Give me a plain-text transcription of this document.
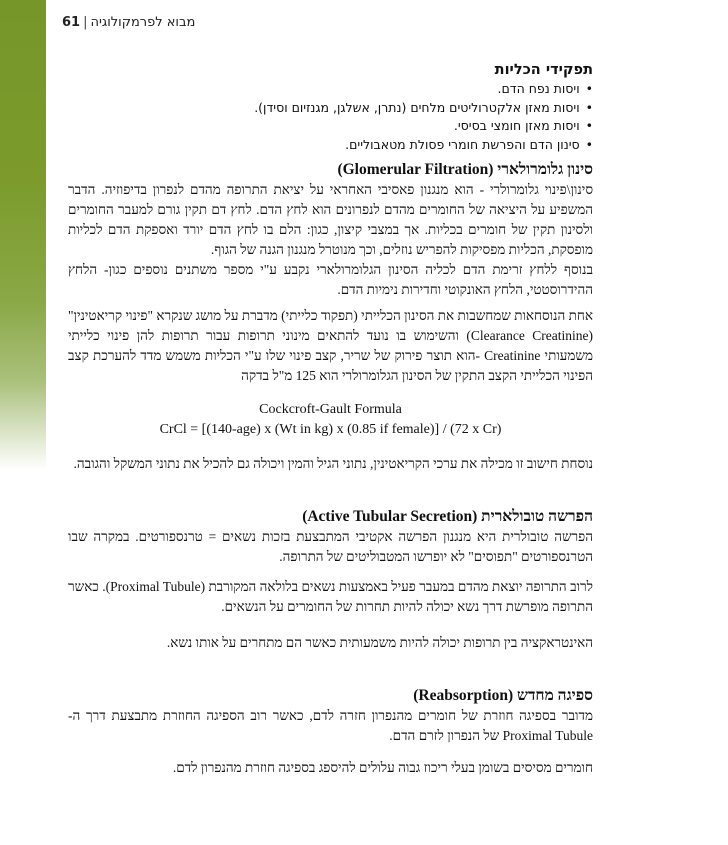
61 | מבוא לפרמקולוגיה
תפקידי הכליות
• ויסות נפח הדם.
• ויסות מאזן אלקטרוליטים מלחים (נתרן, אשלגן, מגנזיום וסידן).
• ויסות מאזן חומצי בסיסי.
• סינון הדם והפרשת חומרי פסולת מטאבוליים.
סינון גלומרולארי (Glomerular Filtration)

סינון\פינוי גלומרולרי - הוא מנגנון פאסיבי האחראי על יציאת התרופה מהדם לנפרון בדיפוזיה. הדבר המשפיע על היציאה של החומרים מהדם לנפרונים הוא לחץ הדם. לחץ דם תקין גורם למעבר החומרים ולסינון תקין של חומרים בכליות. אך במצבי קיצון, כגון: הלם בו לחץ הדם יורד ואספקת הדם לכליות מופסקת, הכליות מפסיקות להפריש נוזלים, וכך מנוטרל מנגנון הגנה של הגוף.

בנוסף ללחץ זרימת הדם לכליה הסינון הגלומרולארי נקבע ע"י מספר משתנים נוספים כגון- הלחץ ההידרוסטטי, הלחץ האונקוטי וחדירות נימיות הדם.

אחת הנוסחאות שמחשבות את הסינון הכלייתי (תפקוד כלייתי) מדברת על מושג שנקרא "פינוי קריאטינין" (Clearance Creatinine) והשימוש בו נועד להתאים מינוני תרופות עבור תרופות להן פינוי כלייתי משמעותי Creatinine -הוא תוצר פירוק של שריר, קצב פינוי שלו ע"י הכליות משמש מדד להערכת קצב הפינוי הכלייתי הקצב התקין של הסינון הגלומרולרי הוא 125 מ"ל בדקה

Cockcroft-Gault Formula
CrCl = [(140-age) x (Wt in kg) x (0.85 if female)] / (72 x Cr)

נוסחת חישוב זו מכילה את ערכי הקריאטינין, נתוני הגיל והמין ויכולה גם להכיל את נתוני המשקל והגובה.

הפרשה טובולארית (Active Tubular Secretion)

הפרשה טובולרית היא מנגנון הפרשה אקטיבי המתבצעת בזכות נשאים = טרנספורטים. במקרה שבו הטרנספורטים "תפוסים" לא יופרשו המטבוליטים של התרופה.

לרוב התרופה יוצאת מהדם במעבר פעיל באמצעות נשאים בלולאה המקורבת (Proximal Tubule). כאשר התרופה מופרשת דרך נשא יכולה להיות תחרות של החומרים על הנשאים.

האינטראקציה בין תרופות יכולה להיות משמעותית כאשר הם מתחרים על אותו נשא.

ספיגה מחדש (Reabsorption)

מדובר בספיגה חוזרת של חומרים מהנפרון חזרה לדם, כאשר רוב הספיגה החוזרת מתבצעת דרך ה-Proximal Tubule של הנפרון לזרם הדם.

חומרים מסיסים בשומן בעלי ריכוז גבוה עלולים להיספג בספיגה חוזרת מהנפרון לדם.
